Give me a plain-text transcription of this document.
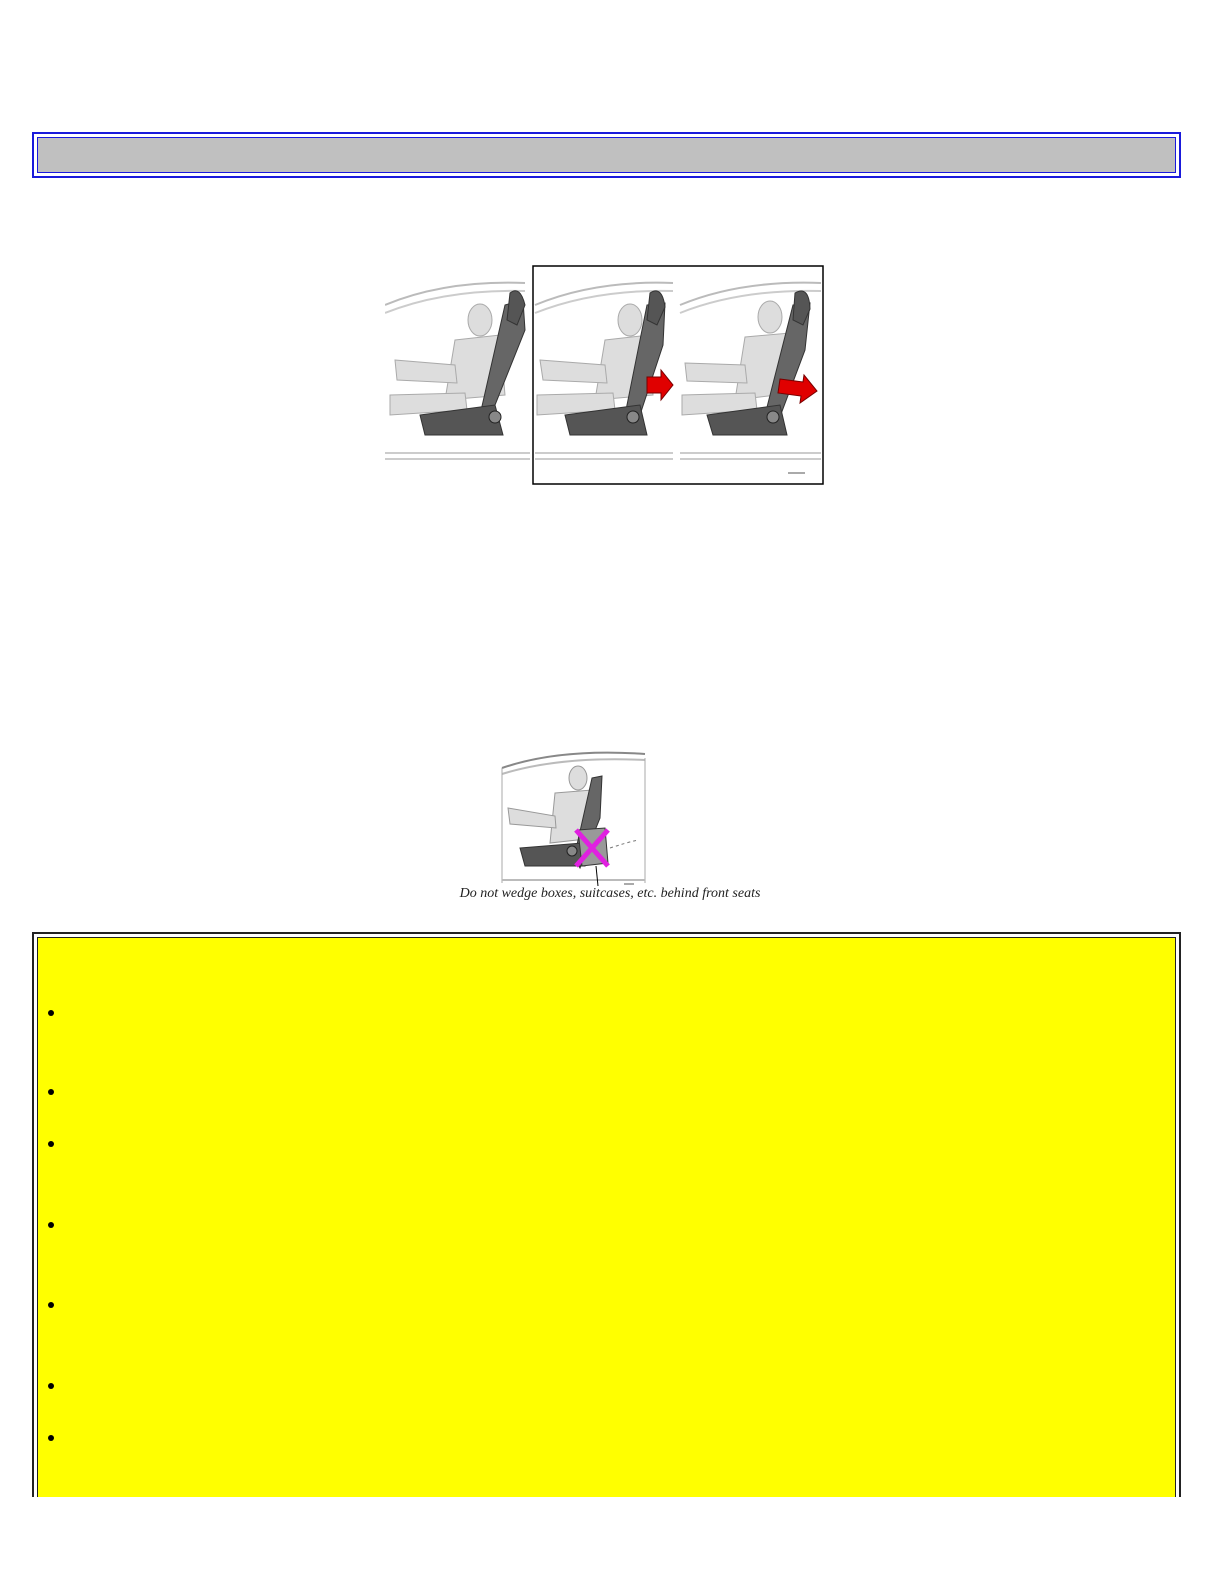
Do not wedge boxes, suitcases, etc. behind front seats
